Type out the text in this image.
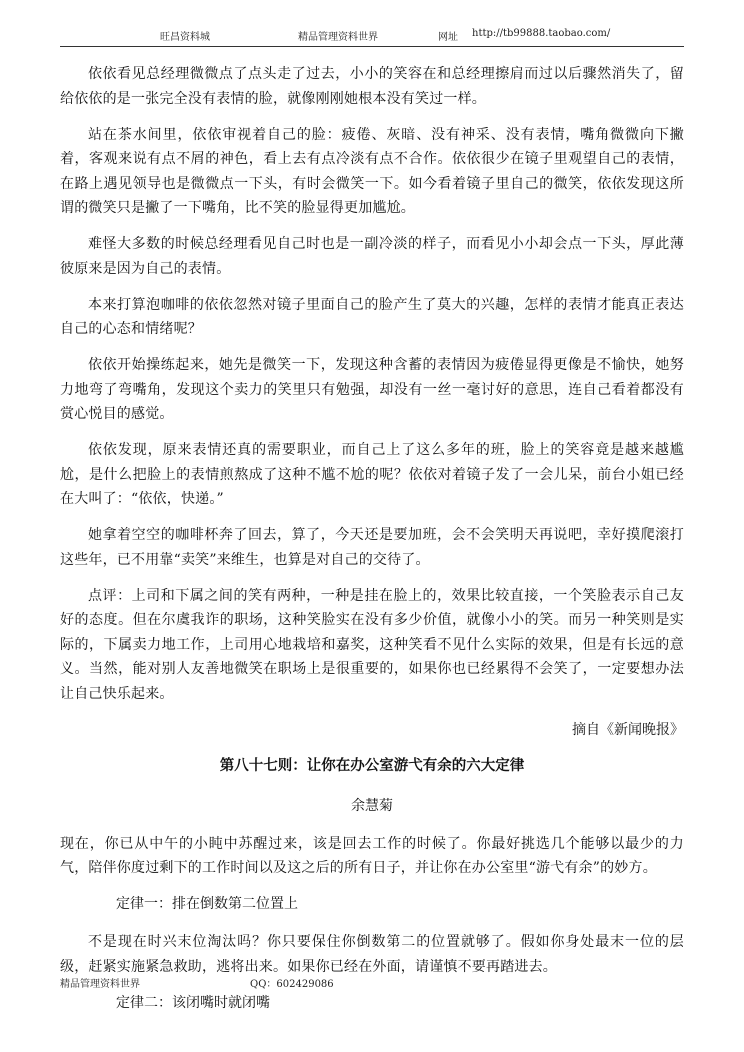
旺昌资料城	精品管理资料世界	网址 http://tb99888.taobao.com/

依依看见总经理微微点了点头走了过去，小小的笑容在和总经理擦肩而过以后骤然消失了，留给依依的是一张完全没有表情的脸，就像刚刚她根本没有笑过一样。

站在茶水间里，依依审视着自己的脸：疲倦、灰暗、没有神采、没有表情，嘴角微微向下撇着，客观来说有点不屑的神色，看上去有点冷淡有点不合作。依依很少在镜子里观望自己的表情，在路上遇见领导也是微微点一下头，有时会微笑一下。如今看着镜子里自己的微笑，依依发现这所谓的微笑只是撇了一下嘴角，比不笑的脸显得更加尴尬。

难怪大多数的时候总经理看见自己时也是一副冷淡的样子，而看见小小却会点一下头，厚此薄彼原来是因为自己的表情。

本来打算泡咖啡的依依忽然对镜子里面自己的脸产生了莫大的兴趣，怎样的表情才能真正表达自己的心态和情绪呢？

依依开始操练起来，她先是微笑一下，发现这种含蓄的表情因为疲倦显得更像是不愉快，她努力地弯了弯嘴角，发现这个卖力的笑里只有勉强，却没有一丝一毫讨好的意思，连自己看着都没有赏心悦目的感觉。

依依发现，原来表情还真的需要职业，而自己上了这么多年的班，脸上的笑容竟是越来越尴尬，是什么把脸上的表情煎熬成了这种不尴不尬的呢？依依对着镜子发了一会儿呆，前台小姐已经在大叫了：“依依，快递。”

她拿着空空的咖啡杯奔了回去，算了，今天还是要加班，会不会笑明天再说吧，幸好摸爬滚打这些年，已不用靠“卖笑”来维生，也算是对自己的交待了。

点评：上司和下属之间的笑有两种，一种是挂在脸上的，效果比较直接，一个笑脸表示自己友好的态度。但在尔虞我诈的职场，这种笑脸实在没有多少价值，就像小小的笑。而另一种笑则是实际的，下属卖力地工作，上司用心地栽培和嘉奖，这种笑看不见什么实际的效果，但是有长远的意义。当然，能对别人友善地微笑在职场上是很重要的，如果你也已经累得不会笑了，一定要想办法让自己快乐起来。

摘自《新闻晚报》

第八十七则：让你在办公室游弋有余的六大定律

余慧菊

现在，你已从中午的小盹中苏醒过来，该是回去工作的时候了。你最好挑选几个能够以最少的力气，陪伴你度过剩下的工作时间以及这之后的所有日子，并让你在办公室里“游弋有余”的妙方。

定律一：排在倒数第二位置上

不是现在时兴末位淘汰吗？你只要保住你倒数第二的位置就够了。假如你身处最末一位的层级，赶紧实施紧急救助，逃将出来。如果你已经在外面，请谨慎不要再踏进去。

定律二：该闭嘴时就闭嘴

精品管理资料世界	QQ：602429086
